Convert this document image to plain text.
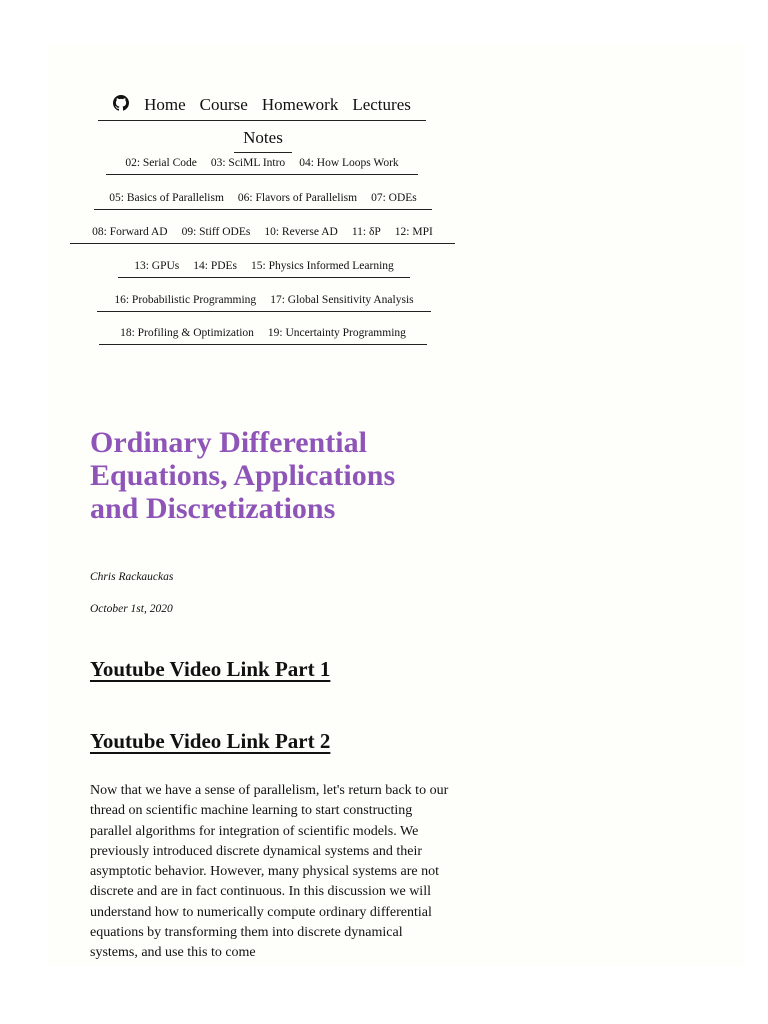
Home Course Homework Lectures
Notes
02: Serial Code 03: SciML Intro 04: How Loops Work
05: Basics of Parallelism 06: Flavors of Parallelism 07: ODEs
08: Forward AD 09: Stiff ODEs 10: Reverse AD 11: δP 12: MPI
13: GPUs 14: PDEs 15: Physics Informed Learning
16: Probabilistic Programming 17: Global Sensitivity Analysis
18: Profiling & Optimization 19: Uncertainty Programming
Ordinary Differential Equations, Applications and Discretizations
Chris Rackauckas
October 1st, 2020
Youtube Video Link Part 1
Youtube Video Link Part 2

Now that we have a sense of parallelism, let's return back to our thread on scientific machine learning to start constructing parallel algorithms for integration of scientific models. We previously introduced discrete dynamical systems and their asymptotic behavior. However, many physical systems are not discrete and are in fact continuous. In this discussion we will understand how to numerically compute ordinary differential equations by transforming them into discrete dynamical systems, and use this to come
